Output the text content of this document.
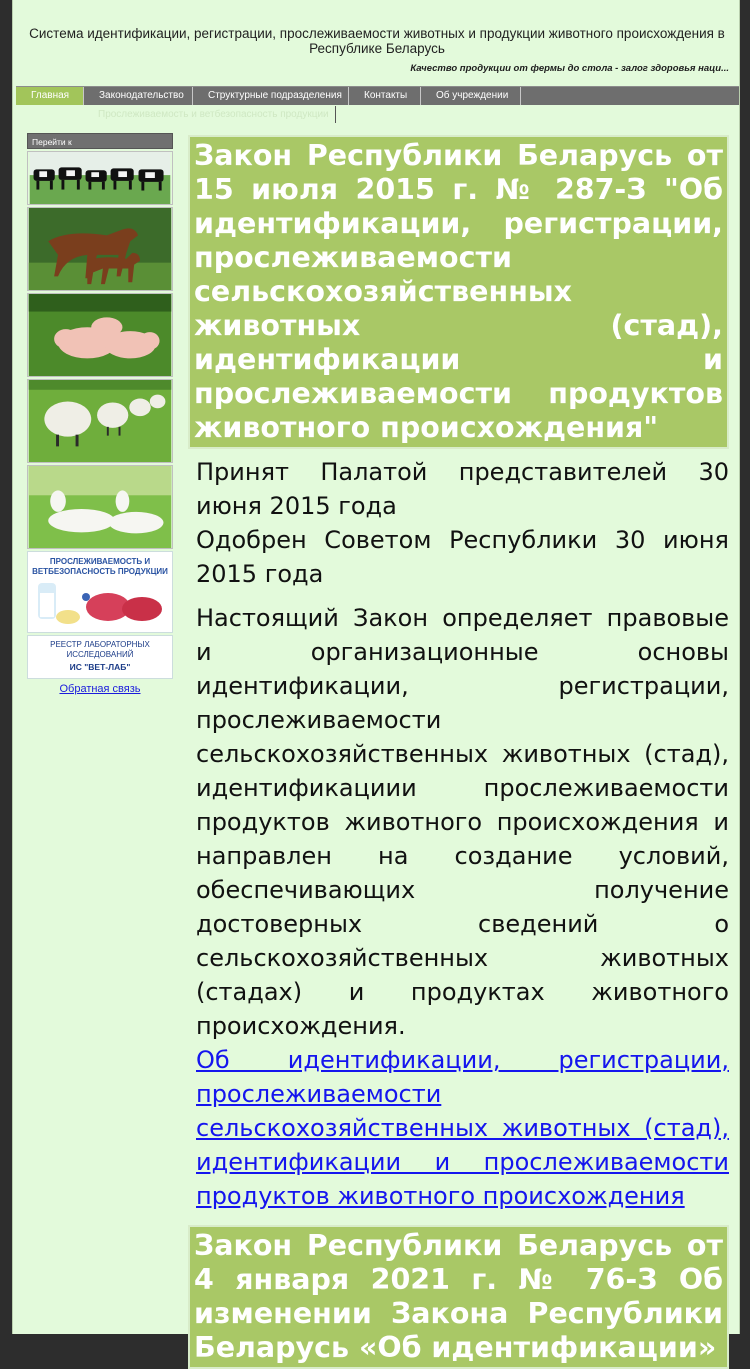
Система идентификации, регистрации, прослеживаемости животных и продукции животного происхождения в Республике Беларусь
Качество продукции от фермы до стола - залог здоровья наци...
Главная	Законодательство	Структурные подразделения	Контакты	Об учреждении
Прослеживаемость и ветбезопасность продукции
Перейти к
ПРОСЛЕЖИВАЕМОСТЬ И ВЕТБЕЗОПАСНОСТЬ ПРОДУКЦИИ
РЕЕСТР ЛАБОРАТОРНЫХ ИССЛЕДОВАНИЙ
ИС "ВЕТ-ЛАБ"
Обратная связь
Закон Республики Беларусь от 15 июля 2015 г. № 287-З "Об идентификации, регистрации, прослеживаемости сельскохозяйственных животных (стад), идентификации и прослеживаемости продуктов животного происхождения"
Принят Палатой представителей 30 июня 2015 года
Одобрен Советом Республики 30 июня 2015 года
Настоящий Закон определяет правовые и организационные основы идентификации, регистрации, прослеживаемости сельскохозяйственных животных (стад), идентификациии прослеживаемости продуктов животного происхождения и направлен на создание условий, обеспечивающих получение достоверных сведений о сельскохозяйственных животных (стадах) и продуктах животного происхождения.
Об идентификации, регистрации, прослеживаемости сельскохозяйственных животных (стад), идентификации и прослеживаемости продуктов животного происхождения
Закон Республики Беларусь от 4 января 2021 г. № 76-З Об изменении Закона Республики Беларусь «Об идентификации»
